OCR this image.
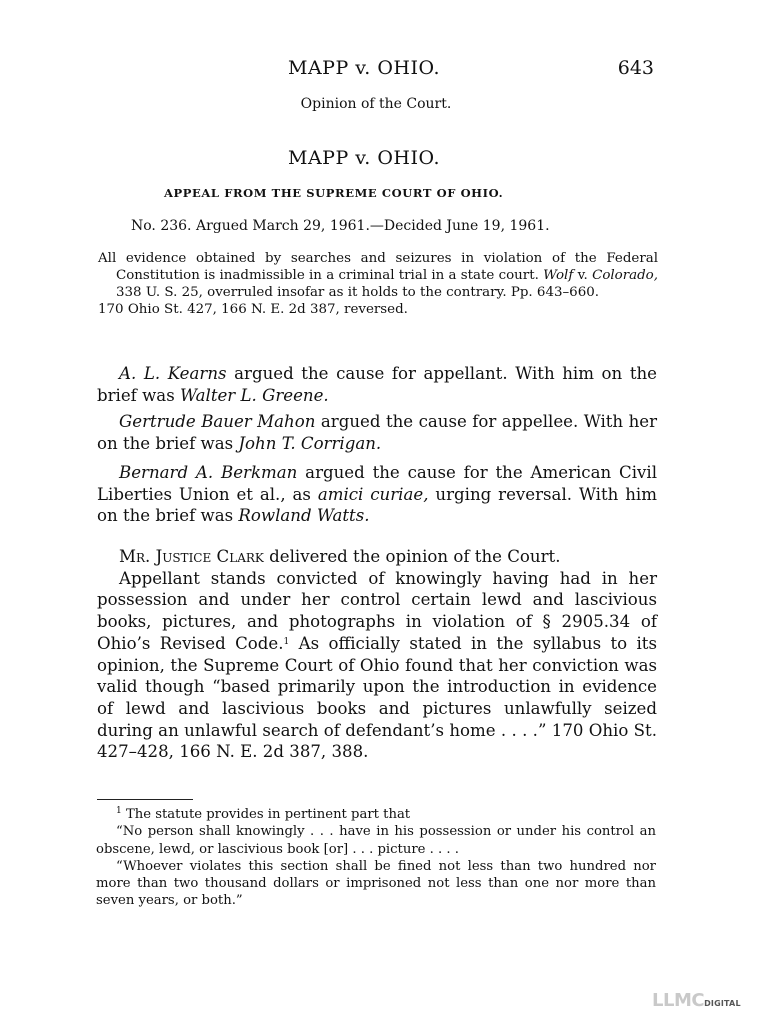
MAPP v. OHIO.	643
Opinion of the Court.
MAPP v. OHIO.
APPEAL FROM THE SUPREME COURT OF OHIO.
No. 236. Argued March 29, 1961.—Decided June 19, 1961.
All evidence obtained by searches and seizures in violation of the Federal Constitution is inadmissible in a criminal trial in a state court. Wolf v. Colorado, 338 U. S. 25, overruled insofar as it holds to the contrary. Pp. 643–660.
170 Ohio St. 427, 166 N. E. 2d 387, reversed.

A. L. Kearns argued the cause for appellant. With him on the brief was Walter L. Greene.

Gertrude Bauer Mahon argued the cause for appellee. With her on the brief was John T. Corrigan.

Bernard A. Berkman argued the cause for the American Civil Liberties Union et al., as amici curiae, urging reversal. With him on the brief was Rowland Watts.

Mr. Justice Clark delivered the opinion of the Court.

Appellant stands convicted of knowingly having had in her possession and under her control certain lewd and lascivious books, pictures, and photographs in violation of § 2905.34 of Ohio’s Revised Code.$^1$ As officially stated in the syllabus to its opinion, the Supreme Court of Ohio found that her conviction was valid though “based primarily upon the introduction in evidence of lewd and lascivious books and pictures unlawfully seized during an unlawful search of defendant’s home . . . .” 170 Ohio St. 427–428, 166 N. E. 2d 387, 388.

$^1$ The statute provides in pertinent part that

“No person shall knowingly . . . have in his possession or under his control an obscene, lewd, or lascivious book [or] . . . picture . . . .

“Whoever violates this section shall be fined not less than two hundred nor more than two thousand dollars or imprisoned not less than one nor more than seven years, or both.”

LLMCDIGITAL
